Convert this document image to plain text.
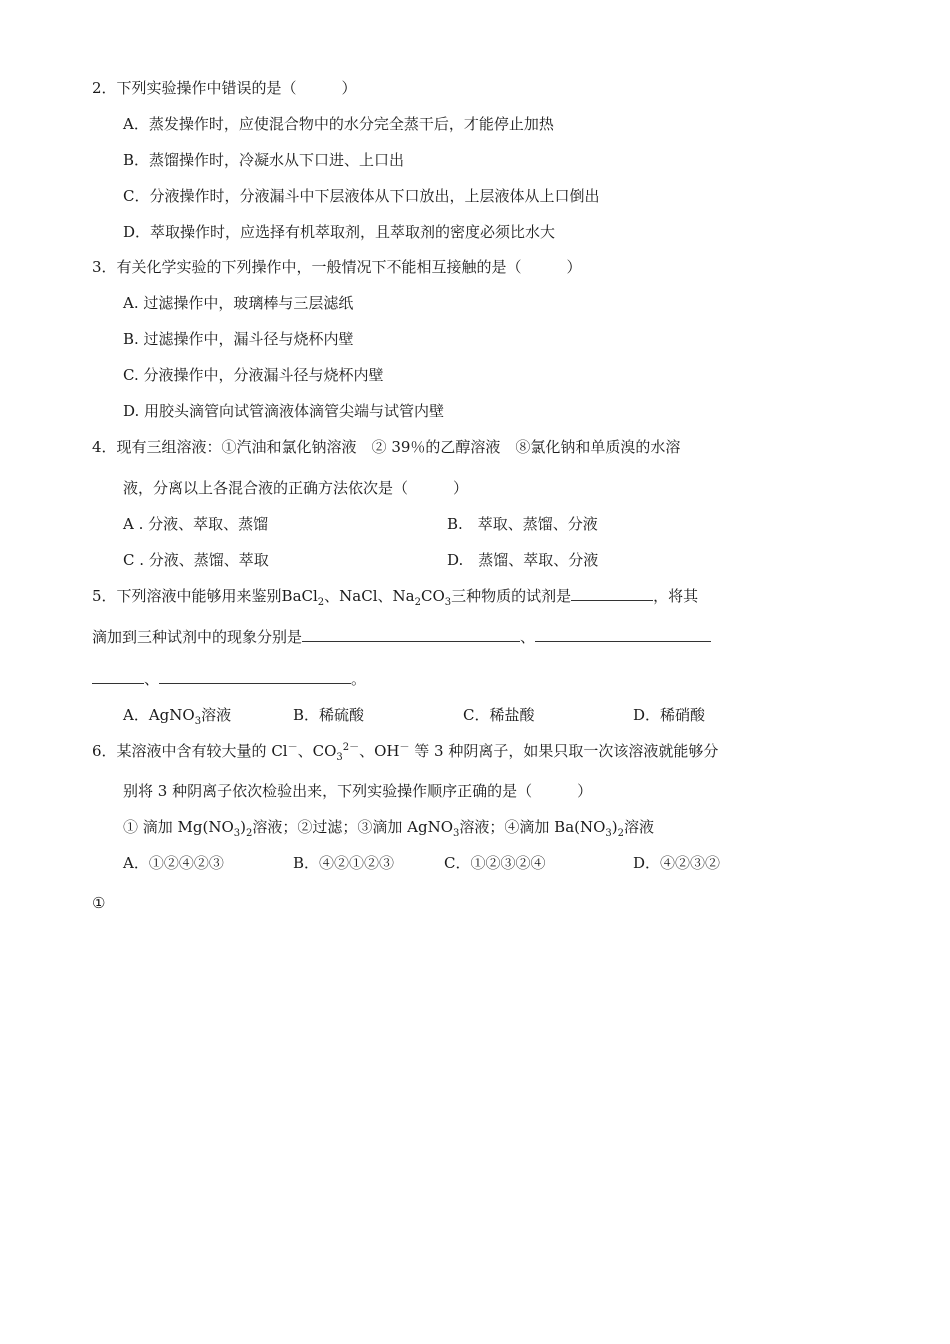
2．下列实验操作中错误的是（　　　）
A．蒸发操作时，应使混合物中的水分完全蒸干后，才能停止加热
B．蒸馏操作时，冷凝水从下口进、上口出
C．分液操作时，分液漏斗中下层液体从下口放出，上层液体从上口倒出
D．萃取操作时，应选择有机萃取剂，且萃取剂的密度必须比水大
3．有关化学实验的下列操作中，一般情况下不能相互接触的是（　　　）
A. 过滤操作中，玻璃棒与三层滤纸
B. 过滤操作中，漏斗径与烧杯内壁
C. 分液操作中，分液漏斗径与烧杯内壁
D. 用胶头滴管向试管滴液体滴管尖端与试管内壁
4．现有三组溶液：①汽油和氯化钠溶液　② 39％的乙醇溶液　⑧氯化钠和单质溴的水溶
液，分离以上各混合液的正确方法依次是（　　　）
A . 分液、萃取、蒸馏	B.　萃取、蒸馏、分液
C . 分液、蒸馏、萃取	D.　蒸馏、萃取、分液
5．下列溶液中能够用来鉴别BaCl$_2$、NaCl、$Na_2CO_3$三种物质的试剂是	，将其
滴加到三种试剂中的现象分别是	、
、	。
A．AgNO$_3$溶液	B．稀硫酸	C．稀盐酸	D．稀硝酸
6．某溶液中含有较大量的 Cl－、$CO_3^{2-}$、OH－ 等 3 种阴离子，如果只取一次该溶液就能够分
别将 3 种阴离子依次检验出来，下列实验操作顺序正确的是（　　　）
① 滴加 $Mg(NO_3)_2$溶液；②过滤；③滴加 AgNO$_3$溶液；④滴加 $Ba(NO_3)_2$溶液
A．①②④②③	B．④②①②③	C．①②③②④	D．④②③②
①
